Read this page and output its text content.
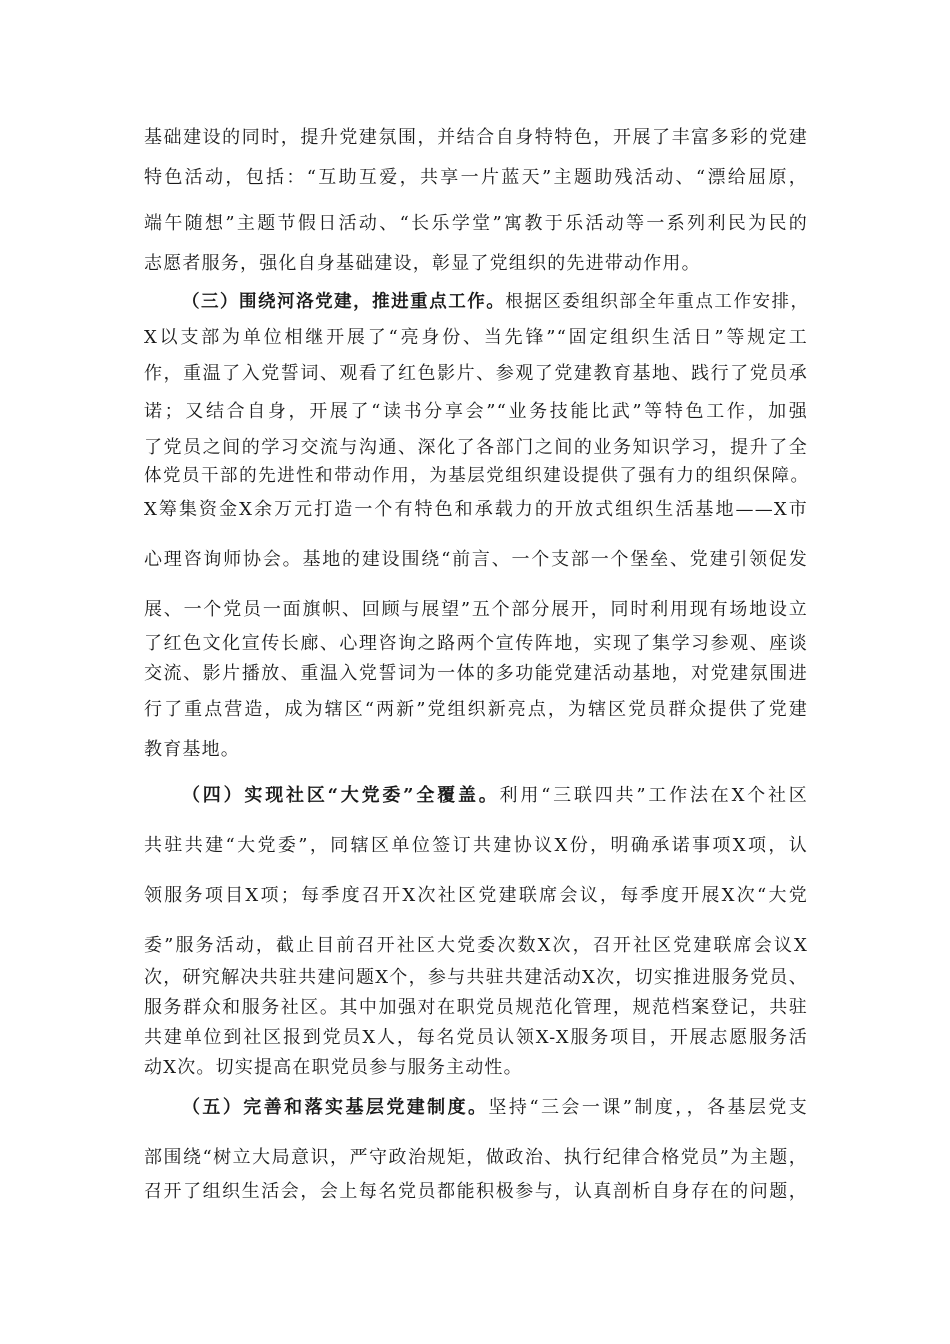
基础建设的同时，提升党建氛围，并结合自身特特色，开展了丰富多彩的党建
特色活动，包括：“互助互爱，共享一片蓝天”主题助残活动、“漂给屈原，
端午随想”主题节假日活动、“长乐学堂”寓教于乐活动等一系列利民为民的
志愿者服务，强化自身基础建设，彰显了党组织的先进带动作用。
（三）围绕河洛党建，推进重点工作。根据区委组织部全年重点工作安排，
X以支部为单位相继开展了“亮身份、当先锋”“固定组织生活日”等规定工
作，重温了入党誓词、观看了红色影片、参观了党建教育基地、践行了党员承
诺；又结合自身，开展了“读书分享会”“业务技能比武”等特色工作，加强
了党员之间的学习交流与沟通、深化了各部门之间的业务知识学习，提升了全
体党员干部的先进性和带动作用，为基层党组织建设提供了强有力的组织保障。
X筹集资金X余万元打造一个有特色和承载力的开放式组织生活基地——X市
心理咨询师协会。基地的建设围绕“前言、一个支部一个堡垒、党建引领促发
展、一个党员一面旗帜、回顾与展望”五个部分展开，同时利用现有场地设立
了红色文化宣传长廊、心理咨询之路两个宣传阵地，实现了集学习参观、座谈
交流、影片播放、重温入党誓词为一体的多功能党建活动基地，对党建氛围进
行了重点营造，成为辖区“两新”党组织新亮点，为辖区党员群众提供了党建
教育基地。
（四）实现社区“大党委”全覆盖。利用“三联四共”工作法在X个社区
共驻共建“大党委”，同辖区单位签订共建协议X份，明确承诺事项X项，认
领服务项目X项；每季度召开X次社区党建联席会议，每季度开展X次“大党
委”服务活动，截止目前召开社区大党委次数X次，召开社区党建联席会议X
次，研究解决共驻共建问题X个，参与共驻共建活动X次，切实推进服务党员、
服务群众和服务社区。其中加强对在职党员规范化管理，规范档案登记，共驻
共建单位到社区报到党员X人，每名党员认领X-X服务项目，开展志愿服务活
动X次。切实提高在职党员参与服务主动性。
（五）完善和落实基层党建制度。坚持“三会一课”制度，，各基层党支
部围绕“树立大局意识，严守政治规矩，做政治、执行纪律合格党员”为主题，
召开了组织生活会，会上每名党员都能积极参与，认真剖析自身存在的问题，
